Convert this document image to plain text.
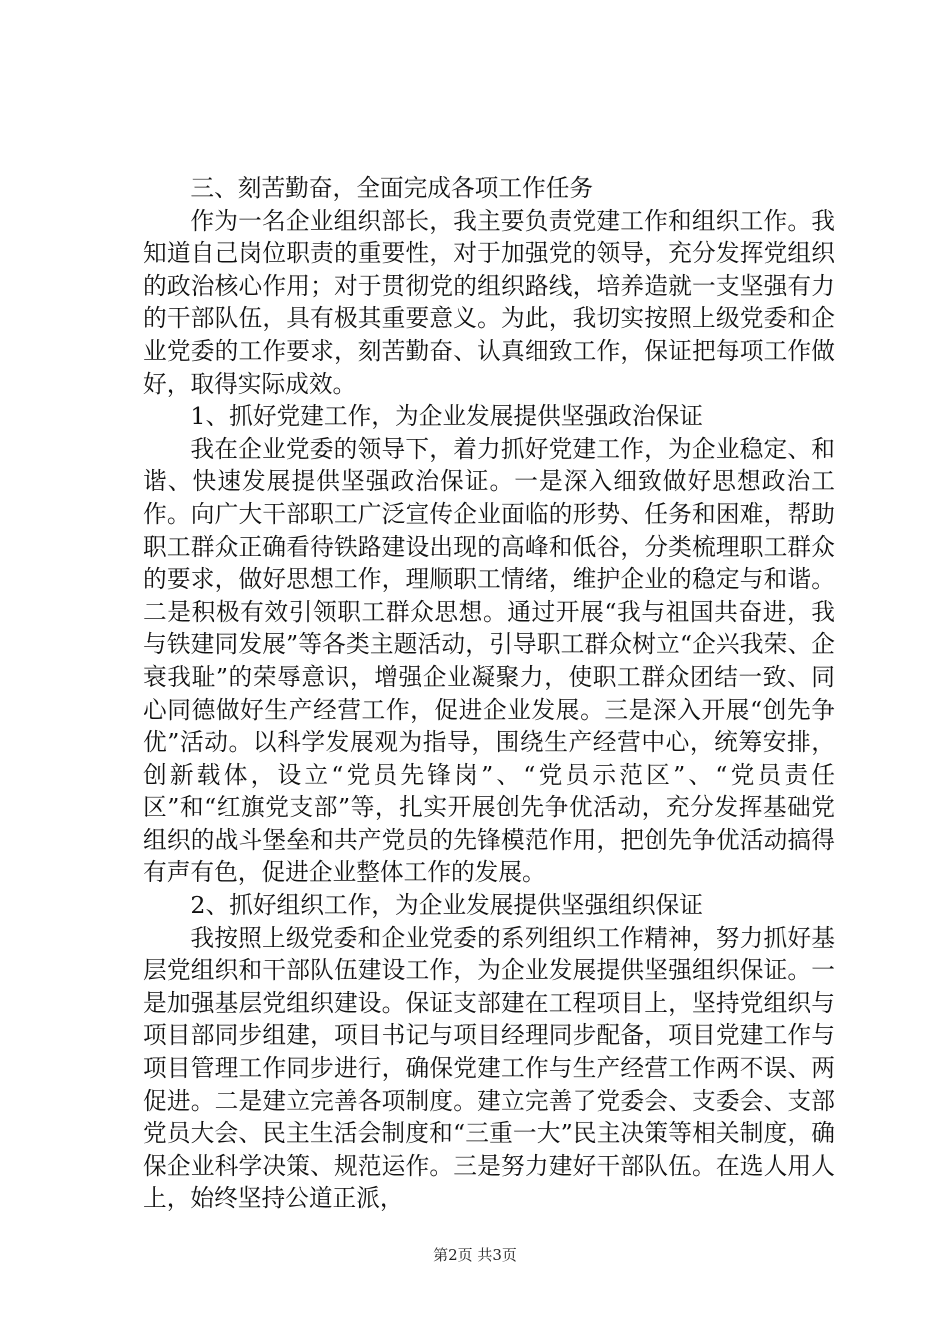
三、刻苦勤奋，全面完成各项工作任务

作为一名企业组织部长，我主要负责党建工作和组织工作。我知道自己岗位职责的重要性，对于加强党的领导，充分发挥党组织的政治核心作用；对于贯彻党的组织路线，培养造就一支坚强有力的干部队伍，具有极其重要意义。为此，我切实按照上级党委和企业党委的工作要求，刻苦勤奋、认真细致工作，保证把每项工作做好，取得实际成效。

1、抓好党建工作，为企业发展提供坚强政治保证

我在企业党委的领导下，着力抓好党建工作，为企业稳定、和谐、快速发展提供坚强政治保证。一是深入细致做好思想政治工作。向广大干部职工广泛宣传企业面临的形势、任务和困难，帮助职工群众正确看待铁路建设出现的高峰和低谷，分类梳理职工群众的要求，做好思想工作，理顺职工情绪，维护企业的稳定与和谐。二是积极有效引领职工群众思想。通过开展“我与祖国共奋进，我与铁建同发展”等各类主题活动，引导职工群众树立“企兴我荣、企衰我耻”的荣辱意识，增强企业凝聚力，使职工群众团结一致、同心同德做好生产经营工作，促进企业发展。三是深入开展“创先争优”活动。以科学发展观为指导，围绕生产经营中心，统筹安排，创新载体，设立“党员先锋岗”、“党员示范区”、“党员责任区”和“红旗党支部”等，扎实开展创先争优活动，充分发挥基础党组织的战斗堡垒和共产党员的先锋模范作用，把创先争优活动搞得有声有色，促进企业整体工作的发展。

2、抓好组织工作，为企业发展提供坚强组织保证

我按照上级党委和企业党委的系列组织工作精神，努力抓好基层党组织和干部队伍建设工作，为企业发展提供坚强组织保证。一是加强基层党组织建设。保证支部建在工程项目上，坚持党组织与项目部同步组建，项目书记与项目经理同步配备，项目党建工作与项目管理工作同步进行，确保党建工作与生产经营工作两不误、两促进。二是建立完善各项制度。建立完善了党委会、支委会、支部党员大会、民主生活会制度和“三重一大”民主决策等相关制度，确保企业科学决策、规范运作。三是努力建好干部队伍。在选人用人上，始终坚持公道正派，

第2页 共3页
